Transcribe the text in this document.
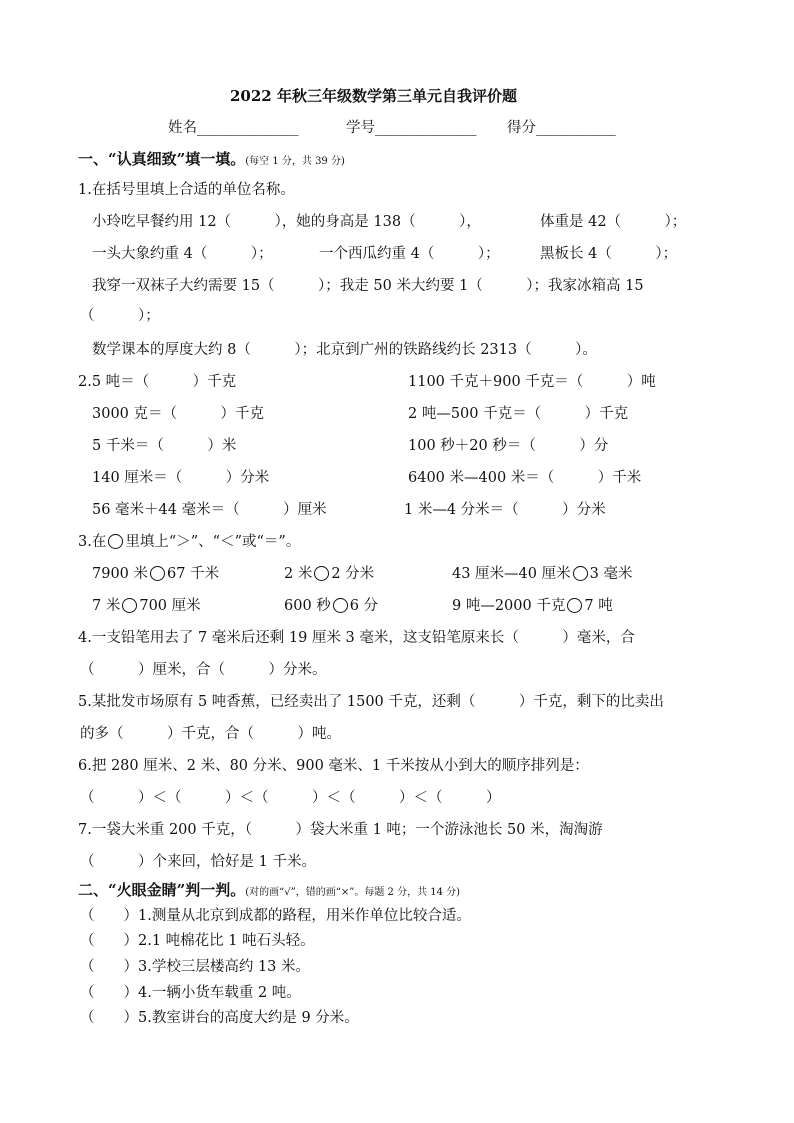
2022 年秋三年级数学第三单元自我评价题
姓名______________	学号______________ 得分___________
一、“认真细致”填一填。(每空 1 分，共 39 分)
1.在括号里填上合适的单位名称。
小玲吃早餐约用 12（　　　），她的身高是 138（　　　），	体重是 42（　　　）；
一头大象约重 4（　　　）；	一个西瓜约重 4（　　　）；	黑板长 4（　　　）；
我穿一双袜子大约需要 15（　　　）；我走 50 米大约要 1（　　　）；我家冰箱高 15
（　　　）；
数学课本的厚度大约 8（　　　）；北京到广州的铁路线约长 2313（　　　）。
2.5 吨＝（　　　）千克	1100 千克＋900 千克＝（　　　）吨
3000 克＝（　　　）千克	2 吨—500 千克＝（　　　）千克
5 千米＝（　　　）米	100 秒＋20 秒＝（　　　）分
140 厘米＝（　　　）分米	6400 米—400 米＝（　　　）千米
56 毫米＋44 毫米＝（　　　）厘米	1 米—4 分米＝（　　　）分米
3.在 里填上“＞”、“＜”或“＝”。
7900 米 67 千米	2 米 2 分米	43 厘米—40 厘米 3 毫米
7 米 700 厘米	600 秒 6 分	9 吨—2000 千克 7 吨
4.一支铅笔用去了 7 毫米后还剩 19 厘米 3 毫米，这支铅笔原来长（　　　）毫米，合
（　　　）厘米，合（　　　）分米。
5.某批发市场原有 5 吨香蕉，已经卖出了 1500 千克，还剩（　　　）千克，剩下的比卖出
的多（　　　）千克，合（　　　）吨。
6.把 280 厘米、2 米、80 分米、900 毫米、1 千米按从小到大的顺序排列是：
（　　　）＜（　　　）＜（　　　）＜（　　　）＜（　　　）
7.一袋大米重 200 千克，（　　　）袋大米重 1 吨；一个游泳池长 50 米，淘淘游
（　　　）个来回，恰好是 1 千米。
二、“火眼金睛”判一判。(对的画“√”，错的画“×”。每题 2 分，共 14 分)
（　　）1.测量从北京到成都的路程，用米作单位比较合适。
（　　）2.1 吨棉花比 1 吨石头轻。
（　　）3.学校三层楼高约 13 米。
（　　）4.一辆小货车载重 2 吨。
（　　）5.教室讲台的高度大约是 9 分米。
